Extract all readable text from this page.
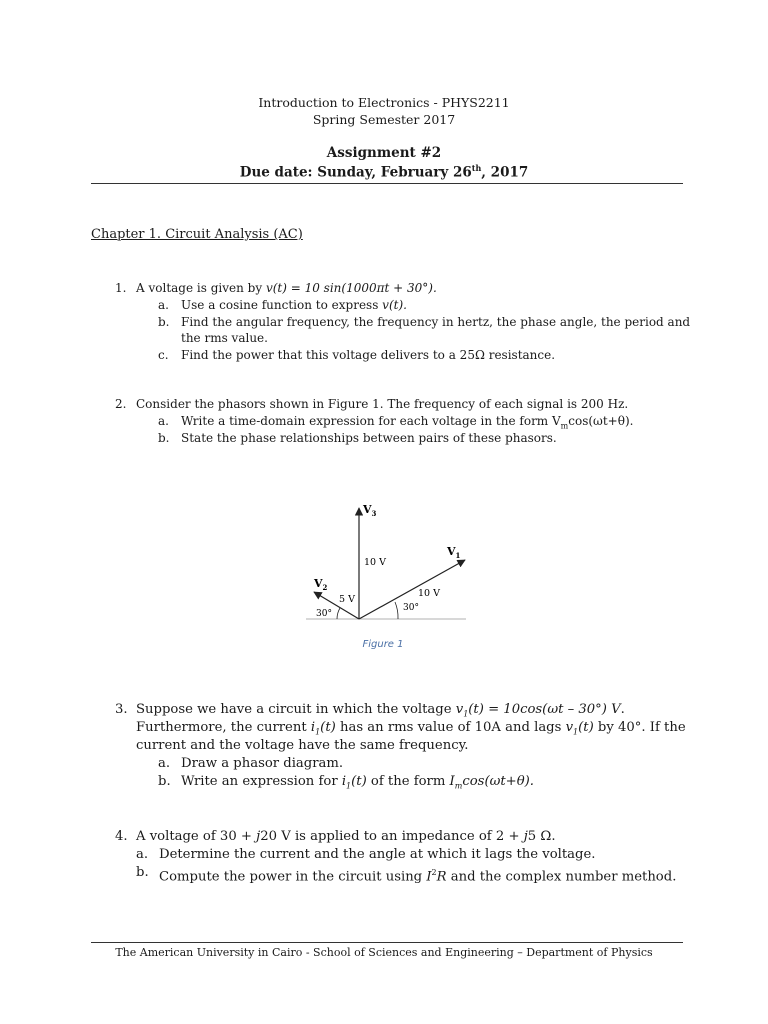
Introduction to Electronics - PHYS2211
Spring Semester 2017
Assignment #2
Due date: Sunday, February 26th, 2017
Chapter 1. Circuit Analysis (AC)
1. A voltage is given by v(t) = 10 sin(1000πt + 30°).
a. Use a cosine function to express v(t).
b. Find the angular frequency, the frequency in hertz, the phase angle, the period and
the rms value.
c. Find the power that this voltage delivers to a 25Ω resistance.
2. Consider the phasors shown in Figure 1. The frequency of each signal is 200 Hz.
a. Write a time-domain expression for each voltage in the form $V_m\cos(\omega t+\theta)$.
b. State the phase relationships between pairs of these phasors.
$V_3$
$V_1$
$V_2$
10 V
10 V
5 V
30°
30°
Figure 1
3. Suppose we have a circuit in which the voltage $v_1(t) = 10\cos(\omega t - 30^\circ)$ V.
Furthermore, the current $i_1(t)$ has an rms value of 10A and lags $v_1(t)$ by 40°. If the
current and the voltage have the same frequency.
a. Draw a phasor diagram.
b. Write an expression for $i_1(t)$ of the form $I_m\cos(\omega t+\theta)$.
4. A voltage of 30 + j20 V is applied to an impedance of 2 + j5 Ω.
a. Determine the current and the angle at which it lags the voltage.
b. Compute the power in the circuit using $I^2R$ and the complex number method.
The American University in Cairo - School of Sciences and Engineering – Department of Physics
